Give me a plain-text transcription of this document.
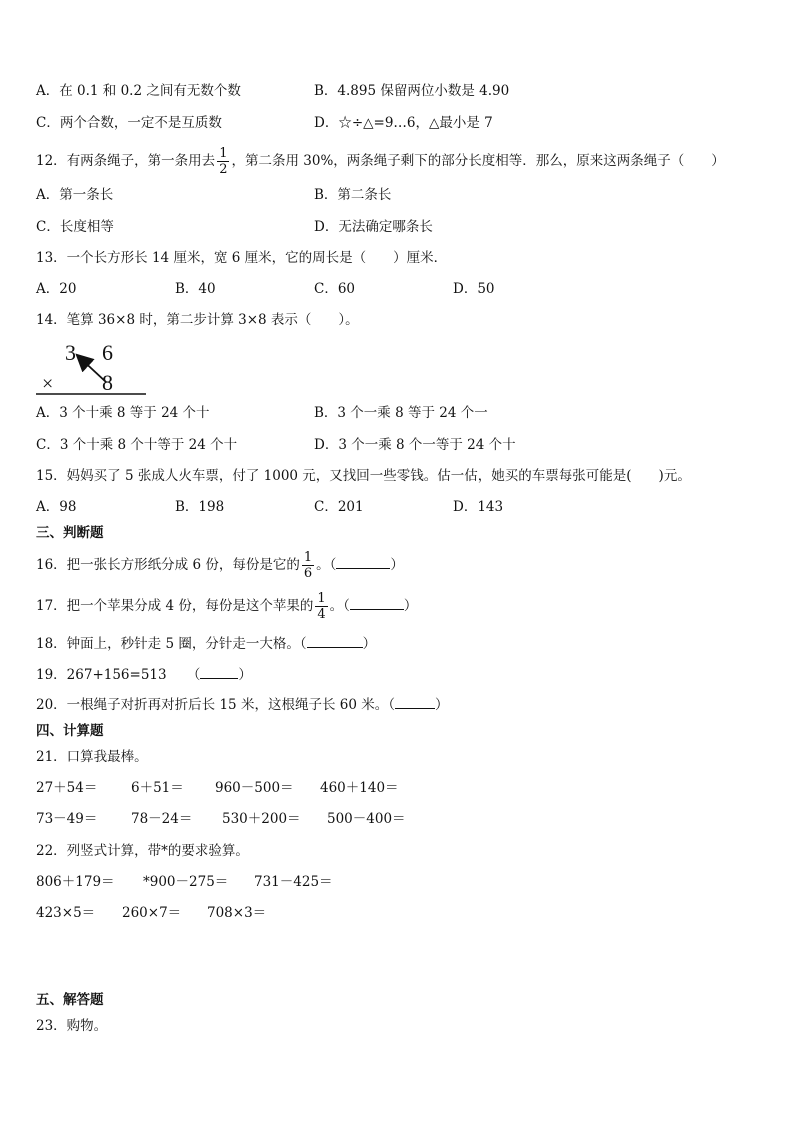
A．在 0.1 和 0.2 之间有无数个数	B．4.895 保留两位小数是 4.90
C．两个合数，一定不是互质数	D．☆÷△=9…6，△最小是 7
12．有两条绳子，第一条用去 $\frac{1}{2}$ ，第二条用 30%，两条绳子剩下的部分长度相等．那么，原来这两条绳子（　　）
A．第一条长	B．第二条长
C．长度相等	D．无法确定哪条长
13．一个长方形长 14 厘米，宽 6 厘米，它的周长是（　　）厘米．
A．20	B．40	C．60	D．50
14．笔算 36×8 时，第二步计算 3×8 表示（　　）。
3 6
× 8
A．3 个十乘 8 等于 24 个十	B．3 个一乘 8 等于 24 个一
C．3 个十乘 8 个十等于 24 个十	D．3 个一乘 8 个一等于 24 个十
15．妈妈买了 5 张成人火车票，付了 1000 元，又找回一些零钱。估一估，她买的车票每张可能是(　　)元。
A．98	B．198	C．201	D．143
三、判断题
16．把一张长方形纸分成 6 份，每份是它的 $\frac{1}{6}$ 。（	）
17．把一个苹果分成 4 份，每份是这个苹果的 $\frac{1}{4}$ 。（	）
18．钟面上，秒针走 5 圈，分针走一大格。（	）
19．267+156=513　　（	）
20．一根绳子对折再对折后长 15 米，这根绳子长 60 米。（	）
四、计算题
21．口算我最棒。
27＋54＝ 6＋51＝ 960－500＝ 460＋140＝
73－49＝ 78－24＝ 530＋200＝ 500－400＝
22．列竖式计算，带*的要求验算。
806＋179＝ *900－275＝ 731－425＝
423×5＝ 260×7＝ 708×3＝
五、解答题
23．购物。
